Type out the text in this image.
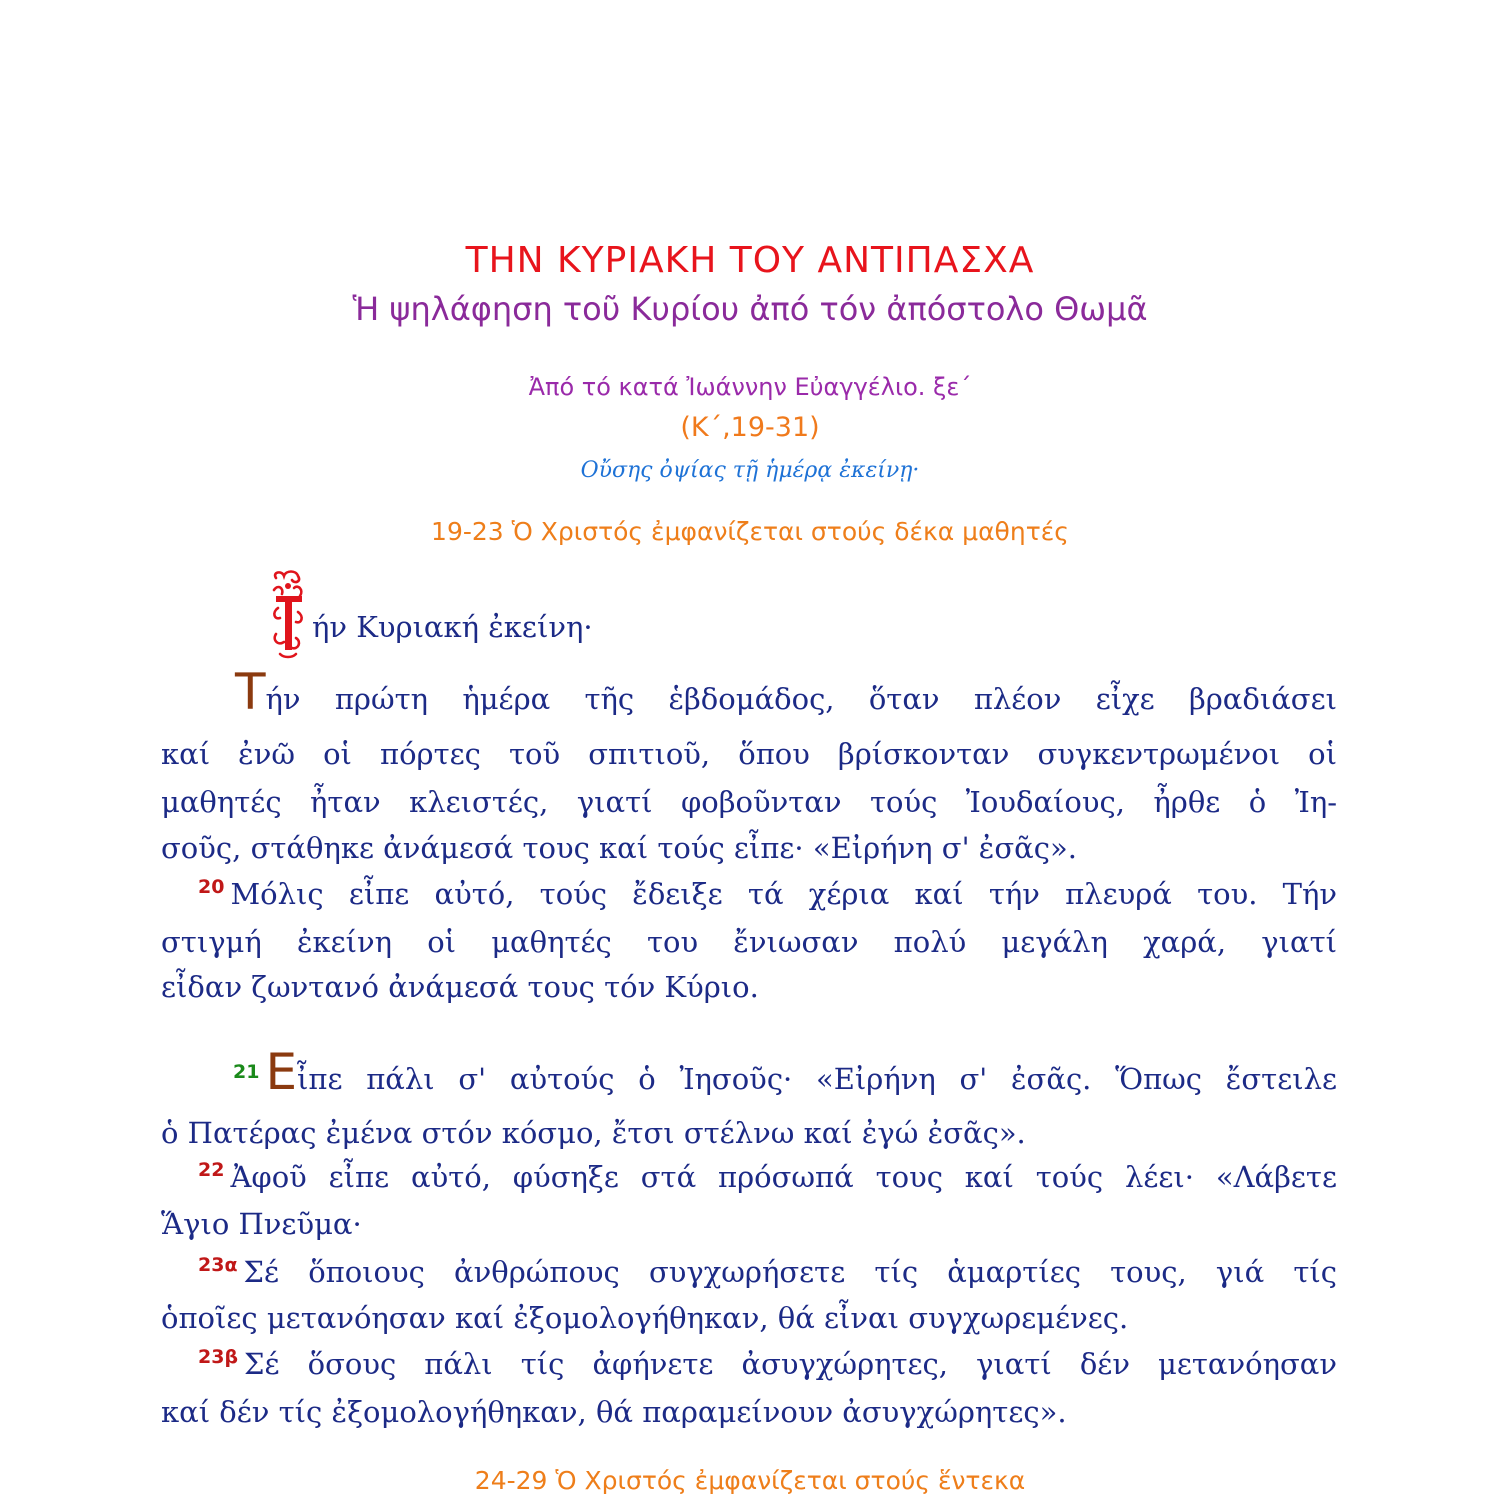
ΤΗΝ ΚΥΡΙΑΚΗ ΤΟΥ ΑΝΤΙΠΑΣΧΑ
Ἡ ψηλάφηση τοῦ Κυρίου ἀπό τόν ἀπόστολο Θωμᾶ
Ἀπό τό κατά Ἰωάννην Εὐαγγέλιο. ξε΄
(Κ΄,19-31)
Οὔσης ὀψίας τῇ ἡμέρᾳ ἐκείνῃ·
19-23 Ὁ Χριστός ἐμφανίζεται στούς δέκα μαθητές
ήν Κυριακή ἐκείνη·
Τήν πρώτη ἡμέρα τῆς ἑβδομάδος, ὅταν πλέον εἶχε βραδιάσει
καί ἐνῶ οἱ πόρτες τοῦ σπιτιοῦ, ὅπου βρίσκονταν συγκεντρωμένοι οἱ
μαθητές ἦταν κλειστές, γιατί φοβοῦνταν τούς Ἰουδαίους, ἦρθε ὁ Ἰη-
σοῦς, στάθηκε ἀνάμεσά τους καί τούς εἶπε· «Εἰρήνη σ' ἐσᾶς».
$^{20}$ Μόλις εἶπε αὐτό, τούς ἔδειξε τά χέρια καί τήν πλευρά του. Τήν
στιγμή ἐκείνη οἱ μαθητές του ἔνιωσαν πολύ μεγάλη χαρά, γιατί
εἶδαν ζωντανό ἀνάμεσά τους τόν Κύριο.
$^{21}$ Εἶπε πάλι σ' αὐτούς ὁ Ἰησοῦς· «Εἰρήνη σ' ἐσᾶς. Ὅπως ἔστειλε
ὁ Πατέρας ἐμένα στόν κόσμο, ἔτσι στέλνω καί ἐγώ ἐσᾶς».
$^{22}$ Ἀφοῦ εἶπε αὐτό, φύσηξε στά πρόσωπά τους καί τούς λέει· «Λάβετε
Ἅγιο Πνεῦμα·
$^{23\alpha}$ Σέ ὅποιους ἀνθρώπους συγχωρήσετε τίς ἁμαρτίες τους, γιά τίς
ὁποῖες μετανόησαν καί ἐξομολογήθηκαν, θά εἶναι συγχωρεμένες.
$^{23\beta}$ Σέ ὅσους πάλι τίς ἀφήνετε ἀσυγχώρητες, γιατί δέν μετανόησαν
καί δέν τίς ἐξομολογήθηκαν, θά παραμείνουν ἀσυγχώρητες».
24-29 Ὁ Χριστός ἐμφανίζεται στούς ἕντεκα
